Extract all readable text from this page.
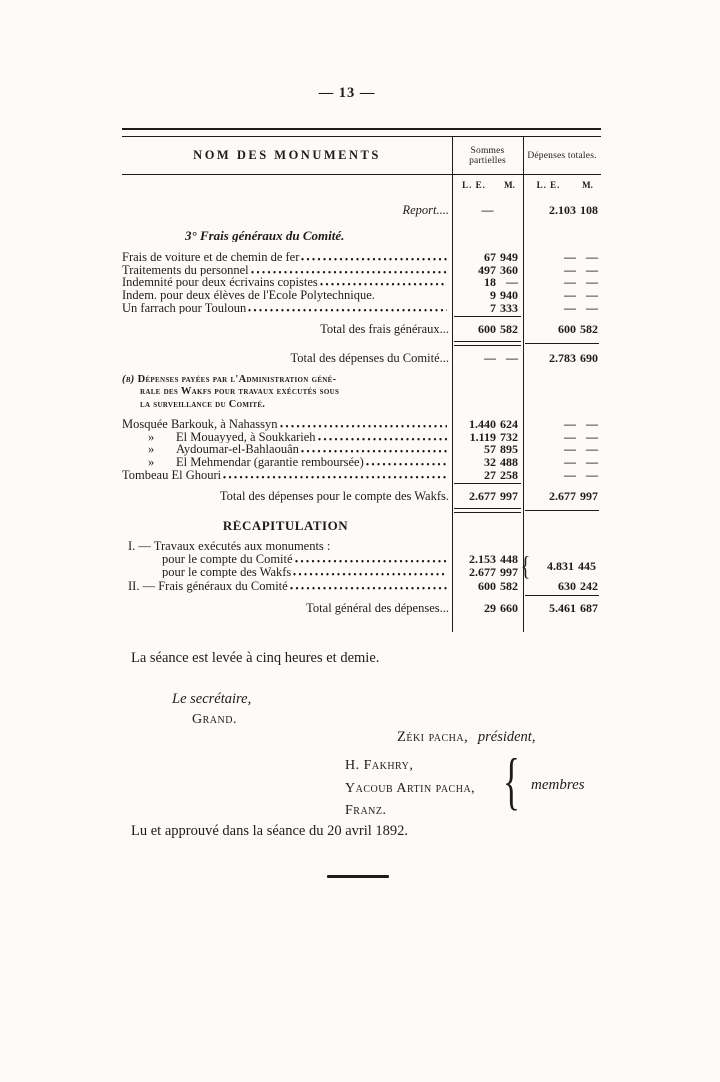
— 13 —
NOM DES MONUMENTS	Sommes partielles	Dépenses totales.
L. E.	M.	L. E.	M.
Report....	—	2.103 108
3° Frais généraux du Comité.
Frais de voiture et de chemin de fer	67 949	— —
Traitements du personnel	497 360	— —
Indemnité pour deux écrivains copistes	18 —	— —
Indem. pour deux élèves de l'Ecole Polytechnique.	9 940	— —
Un farrach pour Touloun	7 333	— —
Total des frais généraux...	600 582	600 582
Total des dépenses du Comité...	— —	2.783 690
(b) Dépenses payées par l'Administration géné-
rale des Wakfs pour travaux exécutés sous
la surveillance du Comité.
Mosquée Barkouk, à Nahassyn	1.440 624	— —
»	El Mouayyed, à Soukkarieh	1.119 732	— —
»	Aydoumar-el-Bahlaouân	57 895	— —
»	El Mehmendar (garantie remboursée)	32 488	— —
Tombeau El Ghouri	27 258	— —
Total des dépenses pour le compte des Wakfs.	2.677 997	2.677 997
RÉCAPITULATION
I. — Travaux exécutés aux monuments :
pour le compte du Comité	2.153 448
pour le compte des Wakfs	2.677 997 {	4.831 445
II. — Frais généraux du Comité	600 582	630 242
Total général des dépenses...	29 660	5.461 687
La séance est levée à cinq heures et demie.
Le secrétaire,
Grand.
Zéki pacha, président,
H. Fakhry,
Yacoub Artin pacha,
Franz.	{ membres
Lu et approuvé dans la séance du 20 avril 1892.
